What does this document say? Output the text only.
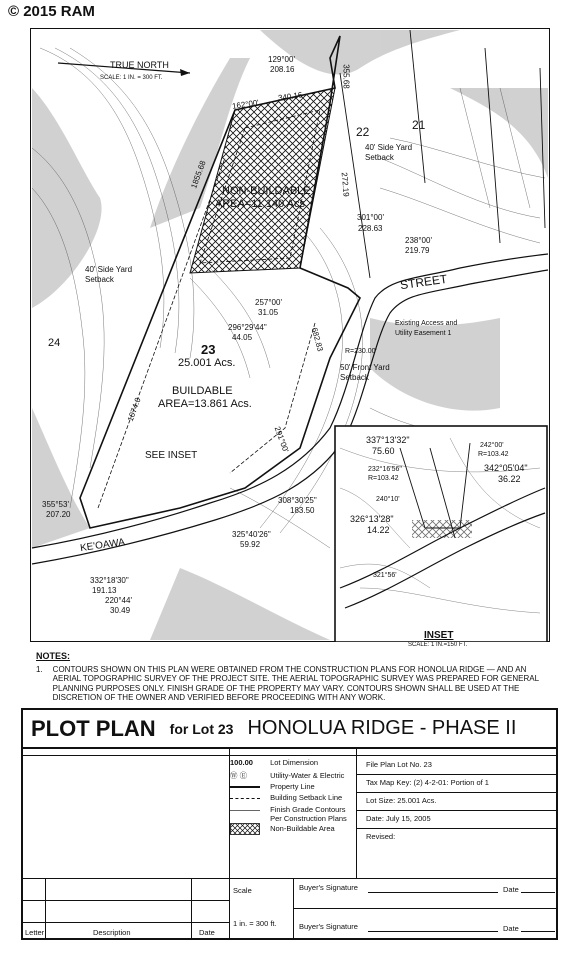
© 2015 RAM
TRUE NORTH
SCALE: 1 IN. = 300 FT.
129°00'
208.16
162°00'
340.16
355.68
22	21
40' Side Yard
Setback
NON-BUILDABLE
AREA=11.140 Acs.
272.19
1855.68
301°00'
228.63
238°00'
219.79
40' Side Yard
Setback	STREET
257°00'
31.05
Existing Access and
Utility Easement 1
296°29'44"
44.05
R=230.00'
23
25.001 Acs.	50' Front Yard
Setback
24
BUILDABLE
AREA=13.861 Acs.
682.83
1074.0
SEE INSET
291°00'
355°53'
207.20
308°30'25"
183.50
KE'OAWA
325°40'26"
59.92
332°18'30"
191.13
220°44'
30.49
337°13'32"
75.60
232°16'56"
R=103.42
240°10'
242°00'
R=103.42
342°05'04"
36.22
326°13'28"
14.22
321°56'
INSET
SCALE: 1 IN.=150 FT.
NOTES:
1. CONTOURS SHOWN ON THIS PLAN WERE OBTAINED FROM THE CONSTRUCTION PLANS FOR HONOLUA RIDGE — AND AN AERIAL TOPOGRAPHIC SURVEY OF THE PROJECT SITE. THE AERIAL TOPOGRAPHIC SURVEY WAS PREPARED FOR GENERAL PLANNING PURPOSES ONLY. FINISH GRADE OF THE PROPERTY MAY VARY. CONTOURS SHOWN SHALL BE USED AT THE DISCRETION OF THE OWNER AND VERIFIED BEFORE PROCEEDING WITH ANY WORK.
PLOT PLAN for Lot 23 HONOLUA RIDGE - PHASE II
100.00 Lot Dimension
Ⓦ Ⓔ	Utility-Water & Electric
Property Line
Building Setback Line
Finish Grade Contours
Per Construction Plans
Non-Buildable Area
File Plan Lot No. 23
Tax Map Key: (2) 4-2-01: Portion of 1
Lot Size: 25.001 Acs.
Date: July 15, 2005
Revised:
Scale
1 in. = 300 ft.
Buyer's Signature	Date
Buyer's Signature	Date
Letter	Description	Date
